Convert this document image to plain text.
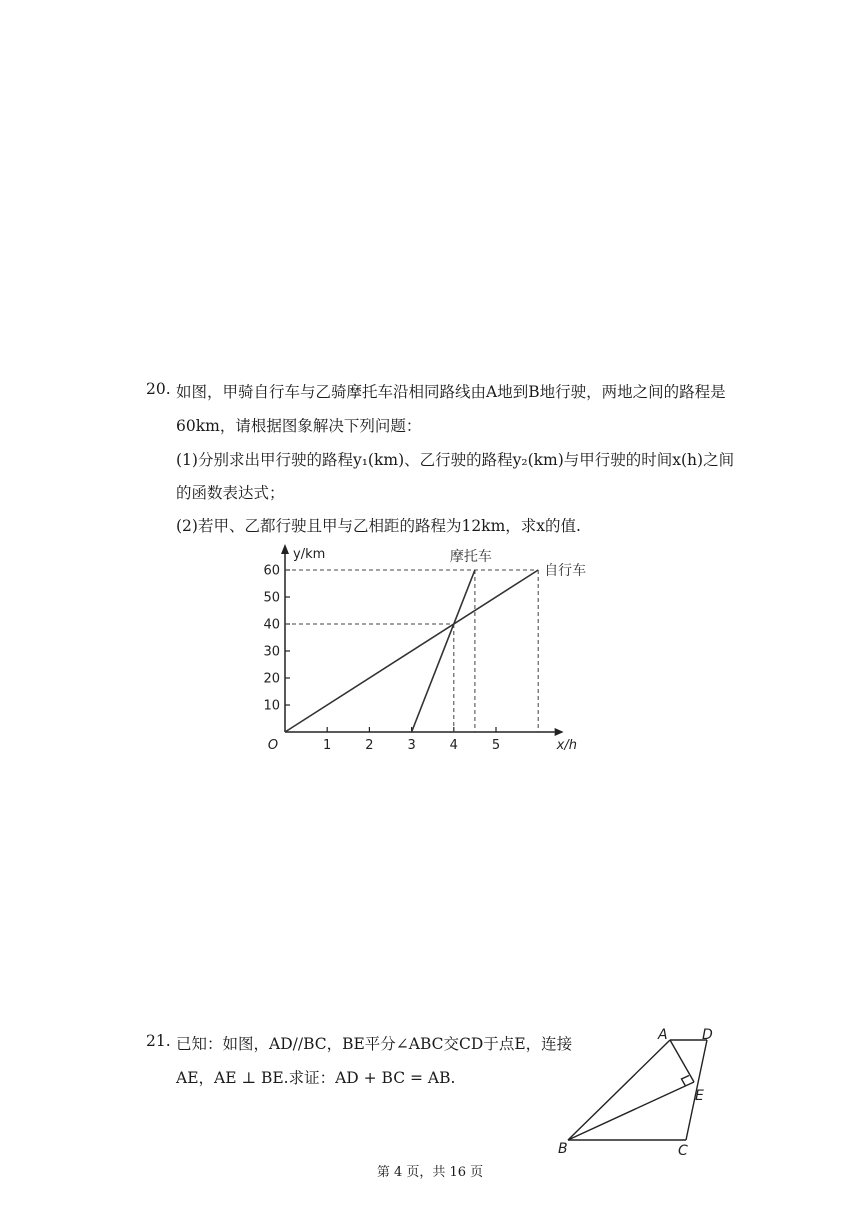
20. 如图，甲骑自行车与乙骑摩托车沿相同路线由A地到B地行驶，两地之间的路程是
60km，请根据图象解决下列问题：
(1)分别求出甲行驶的路程y₁(km)、乙行驶的路程y₂(km)与甲行驶的时间x(h)之间
的函数表达式；
(2)若甲、乙都行驶且甲与乙相距的路程为12km，求x的值.
1	2	3	4	5
10
20
30
40
50
60
O
y/km
x/h
自行车
摩托车
21. 已知：如图，AD//BC，BE平分∠ABC交CD于点E，连接
AE，AE ⊥ BE.求证：AD + BC = AB.
A D
E
B	C
第 4 页，共 16 页
